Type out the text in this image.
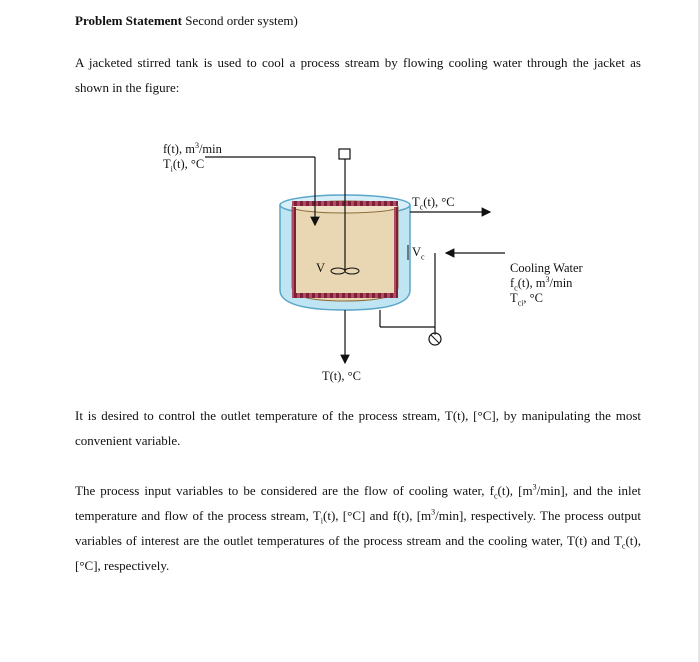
Problem Statement Second order system)

A jacketed stirred tank is used to cool a process stream by flowing cooling water through the jacket as shown in the figure:

f(t), $m^3/\min$
$T_i(t)$, °C
$T_c(t)$, °C
$V_c$
V	Cooling Water
$f_c(t)$, $m^3/\min$
$T_{ci}$, °C
T(t), °C

It is desired to control the outlet temperature of the process stream, T(t), [°C], by manipulating the most convenient variable.

The process input variables to be considered are the flow of cooling water, $f_c(t)$, $[m^3/\min]$, and the inlet temperature and flow of the process stream, $T_i(t)$, [°C] and f(t), $[m^3/\min]$, respectively. The process output variables of interest are the outlet temperatures of the process stream and the cooling water, T(t) and $T_c(t)$, [°C], respectively.
